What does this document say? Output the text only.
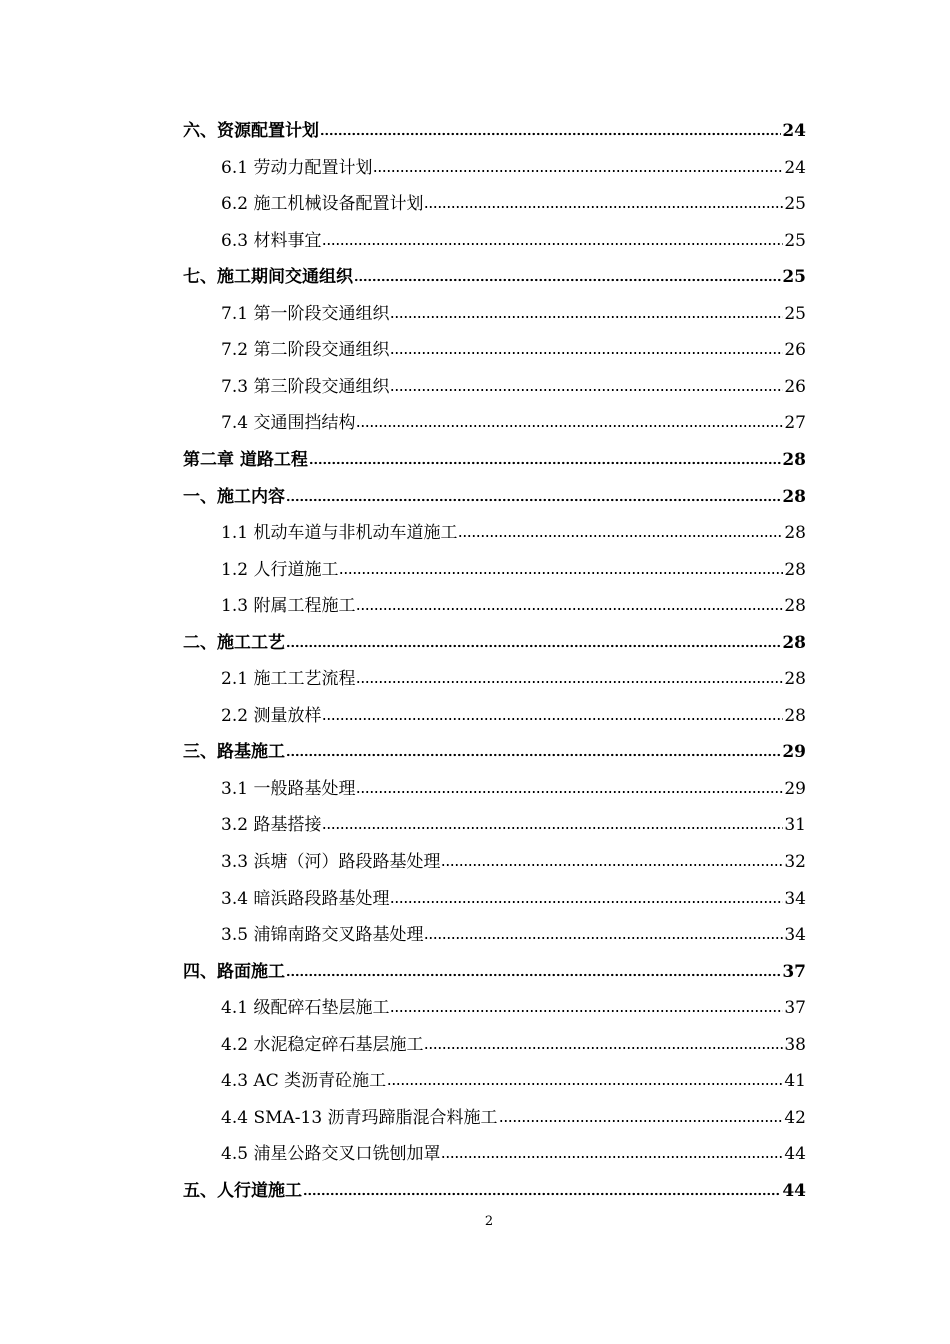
六、资源配置计划	24
6.1 劳动力配置计划	24
6.2 施工机械设备配置计划	25
6.3 材料事宜	25
七、施工期间交通组织	25
7.1 第一阶段交通组织	25
7.2 第二阶段交通组织	26
7.3 第三阶段交通组织	26
7.4 交通围挡结构	27
第二章 道路工程	28
一、施工内容	28
1.1 机动车道与非机动车道施工	28
1.2 人行道施工	28
1.3 附属工程施工	28
二、施工工艺	28
2.1 施工工艺流程	28
2.2 测量放样	28
三、路基施工	29
3.1 一般路基处理	29
3.2 路基搭接	31
3.3 浜塘（河）路段路基处理	32
3.4 暗浜路段路基处理	34
3.5 浦锦南路交叉路基处理	34
四、路面施工	37
4.1 级配碎石垫层施工	37
4.2 水泥稳定碎石基层施工	38
4.3 AC 类沥青砼施工	41
4.4 SMA-13 沥青玛蹄脂混合料施工	42
4.5 浦星公路交叉口铣刨加罩	44
五、人行道施工	44
2
